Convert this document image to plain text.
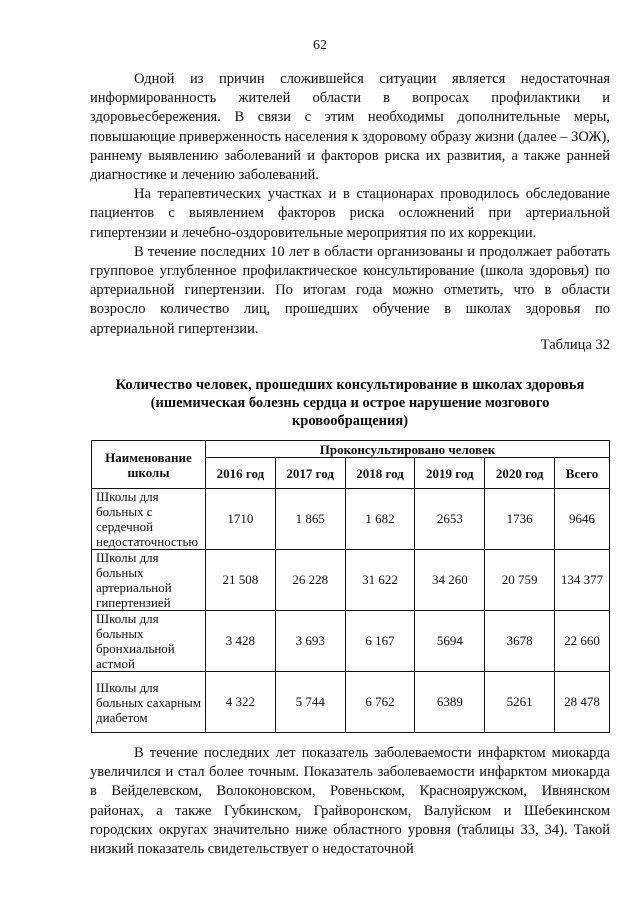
62

Одной из причин сложившейся ситуации является недостаточная информированность жителей области в вопросах профилактики и здоровьесбережения. В связи с этим необходимы дополнительные меры, повышающие приверженность населения к здоровому образу жизни (далее – ЗОЖ), раннему выявлению заболеваний и факторов риска их развития, а также ранней диагностике и лечению заболеваний.

На терапевтических участках и в стационарах проводилось обследование пациентов с выявлением факторов риска осложнений при артериальной гипертензии и лечебно-оздоровительные мероприятия по их коррекции.

В течение последних 10 лет в области организованы и продолжает работать групповое углубленное профилактическое консультирование (школа здоровья) по артериальной гипертензии. По итогам года можно отметить, что в области возросло количество лиц, прошедших обучение в школах здоровья по артериальной гипертензии.

Таблица 32
Количество человек, прошедших консультирование в школах здоровья (ишемическая болезнь сердца и острое нарушение мозгового кровообращения)
Наименование школы	Проконсультировано человек					
	2016 год	2017 год	2018 год	2019 год	2020 год	Всего
Школы для больных с сердечной недостаточностью	1710	1 865	1 682	2653	1736	9646
Школы для больных артериальной гипертензией	21 508	26 228	31 622	34 260	20 759	134 377
Школы для больных бронхиальной астмой	3 428	3 693	6 167	5694	3678	22 660
Школы для больных сахарным диабетом	4 322	5 744	6 762	6389	5261	28 478

В течение последних лет показатель заболеваемости инфарктом миокарда увеличился и стал более точным. Показатель заболеваемости инфарктом миокарда в Вейделевском, Волоконовском, Ровеньском, Краснояружском, Ивнянском районах, а также Губкинском, Грайворонском, Валуйском и Шебекинском городских округах значительно ниже областного уровня (таблицы 33, 34). Такой низкий показатель свидетельствует о недостаточной
